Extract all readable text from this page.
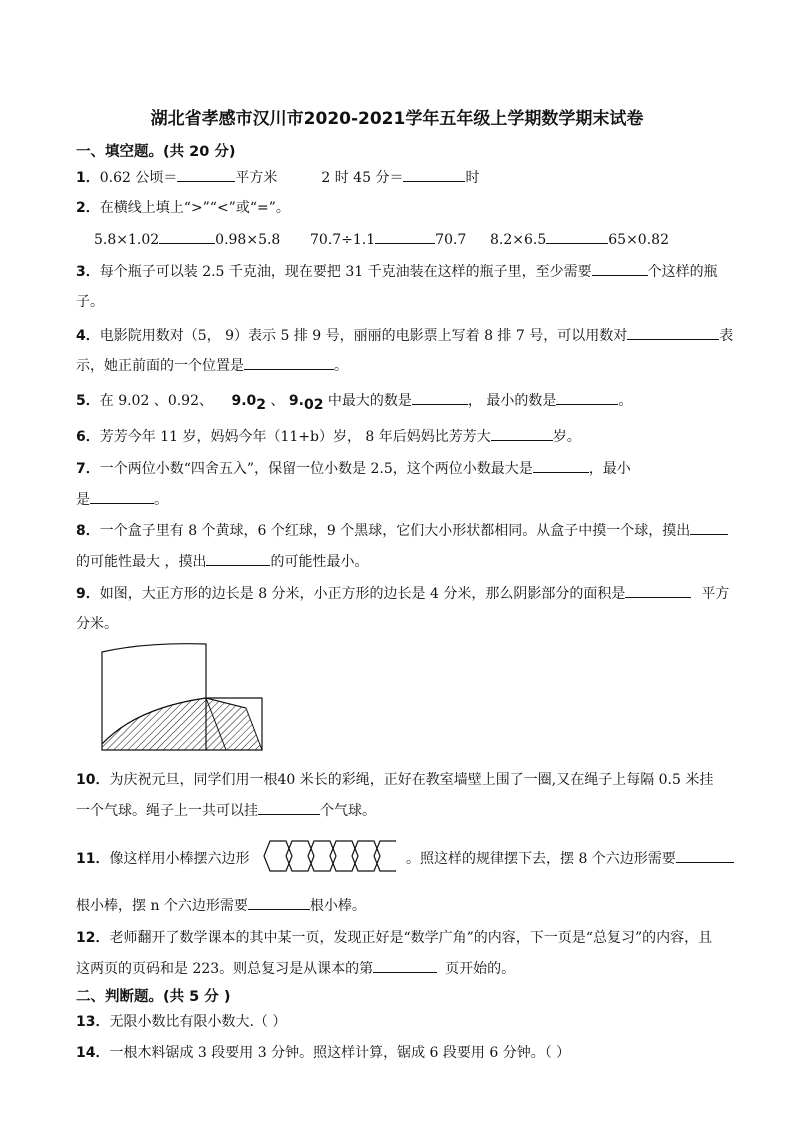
湖北省孝感市汉川市2020-2021学年五年级上学期数学期末试卷
一、填空题。(共 20 分)
1．0.62 公顷＝	平方米	2 时 45 分＝	时
2．在横线上填上“>”“<”或“=”。
5.8×1.02	0.98×5.8 70.7÷1.1	70.7 8.2×6.5	65×0.82
3．每个瓶子可以装 2.5 千克油，现在要把 31 千克油装在这样的瓶子里，至少需要	个这样的瓶
子。
4．电影院用数对（5， 9）表示 5 排 9 号，丽丽的电影票上写着 8 排 7 号，可以用数对	表
示，她正前面的一个位置是	。
5．在 9.02 、0.92、 9.02 、 9.02 中最大的数是	， 最小的数是	。
6．芳芳今年 11 岁，妈妈今年（11+b）岁， 8 年后妈妈比芳芳大	岁。
7．一个两位小数“四舍五入”，保留一位小数是 2.5，这个两位小数最大是	，最小
是	。
8．一个盒子里有 8 个黄球，6 个红球，9 个黑球，它们大小形状都相同。从盒子中摸一个球，摸出
的可能性最大 ，摸出	的可能性最小。
9．如图，大正方形的边长是 8 分米，小正方形的边长是 4 分米，那么阴影部分的面积是	平方
分米。
10．为庆祝元旦，同学们用一根40 米长的彩绳，正好在教室墙壁上围了一圈,又在绳子上每隔 0.5 米挂
一个气球。绳子上一共可以挂	个气球。
11．像这样用小棒摆六边形	。照这样的规律摆下去，摆 8 个六边形需要
根小棒，摆 n 个六边形需要	根小棒。
12．老师翻开了数学课本的其中某一页，发现正好是“数学广角”的内容，下一页是“总复习”的内容，且
这两页的页码和是 223。则总复习是从课本的第	页开始的。
二、判断题。(共 5 分 )
13．无限小数比有限小数大.（ ）
14．一根木料锯成 3 段要用 3 分钟。照这样计算，锯成 6 段要用 6 分钟。（ ）
